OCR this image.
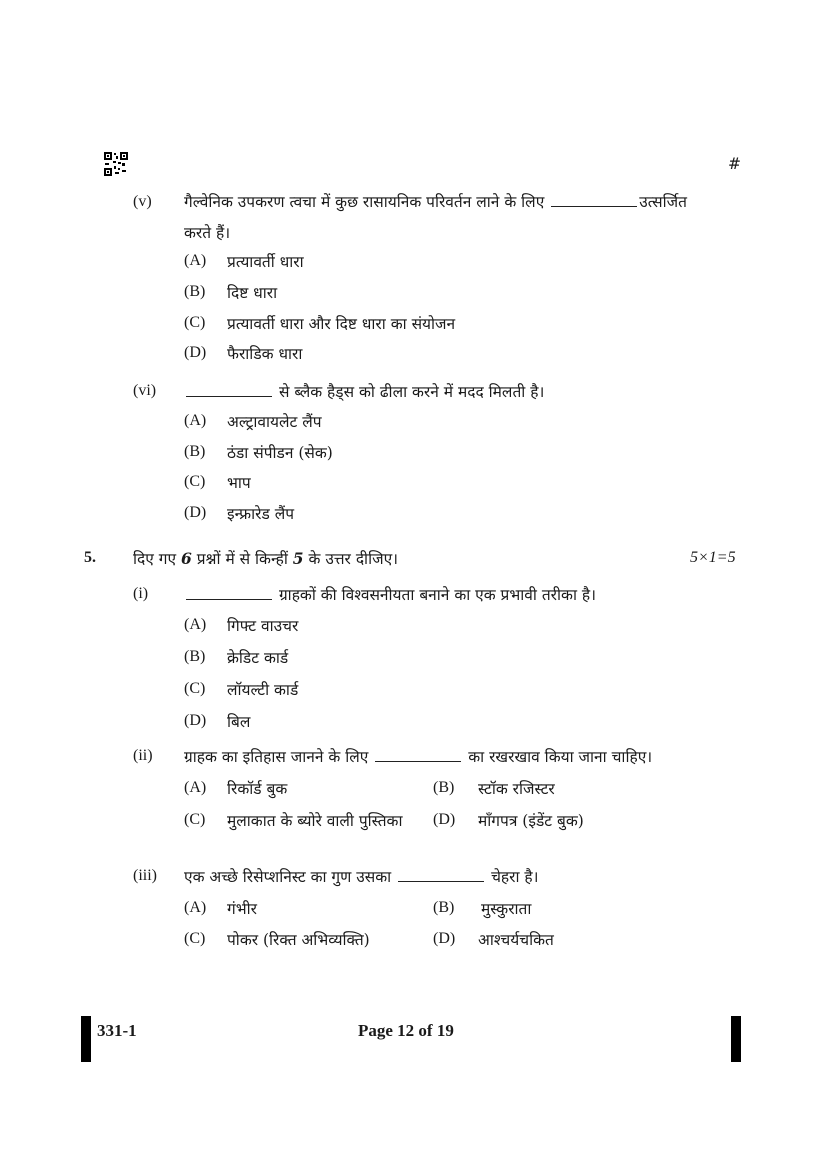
#
(v) गैल्वेनिक उपकरण त्वचा में कुछ रासायनिक परिवर्तन लाने के लिए	उत्सर्जित
करते हैं।
(A) प्रत्यावर्ती धारा
(B) दिष्ट धारा
(C) प्रत्यावर्ती धारा और दिष्ट धारा का संयोजन
(D) फैराडिक धारा
(vi)	से ब्लैक हैड्स को ढीला करने में मदद मिलती है।
(A) अल्ट्रावायलेट लैंप
(B) ठंडा संपीडन (सेक)
(C) भाप
(D) इन्फ्रारेड लैंप
5. दिए गए 6 प्रश्नों में से किन्हीं 5 के उत्तर दीजिए।	5×1=5
(i)	ग्राहकों की विश्वसनीयता बनाने का एक प्रभावी तरीका है।
(A) गिफ्ट वाउचर
(B) क्रेडिट कार्ड
(C) लॉयल्टी कार्ड
(D) बिल
(ii) ग्राहक का इतिहास जानने के लिए	का रखरखाव किया जाना चाहिए।
(A) रिकॉर्ड बुक	(B) स्टॉक रजिस्टर
(C) मुलाकात के ब्योरे वाली पुस्तिका (D) माँगपत्र (इंडेंट बुक)
(iii) एक अच्छे रिसेप्शनिस्ट का गुण उसका	चेहरा है।
(A) गंभीर	(B) मुस्कुराता
(C) पोकर (रिक्त अभिव्यक्ति)	(D) आश्चर्यचकित
331-1	Page 12 of 19
